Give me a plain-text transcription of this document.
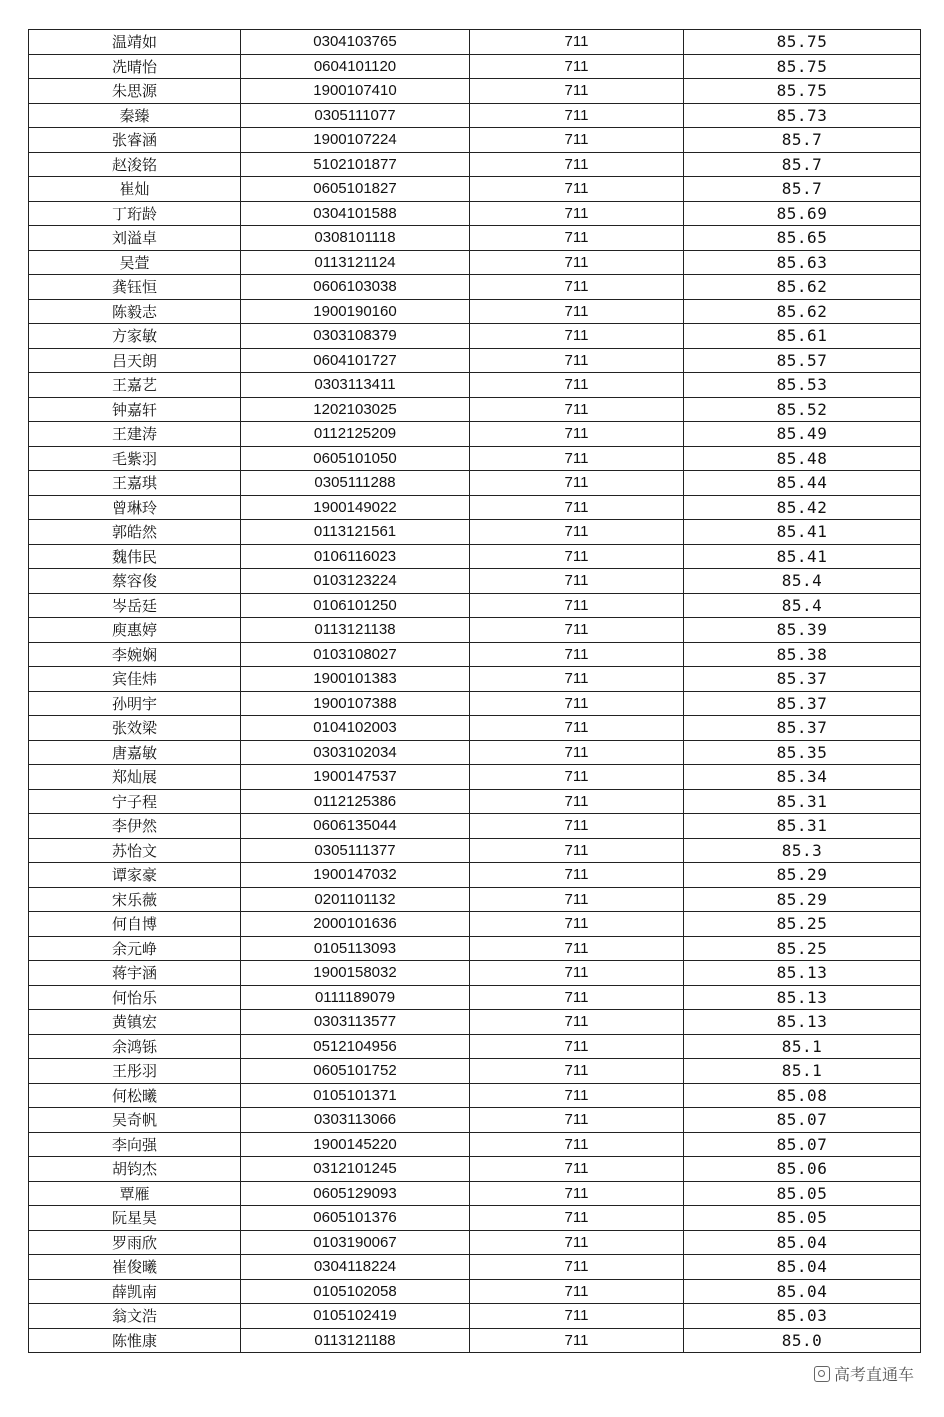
温靖如	0304103765	711	85.75
冼晴怡	0604101120	711	85.75
朱思源	1900107410	711	85.75
秦臻	0305111077	711	85.73
张睿涵	1900107224	711	85.7
赵浚铭	5102101877	711	85.7
崔灿	0605101827	711	85.7
丁珩龄	0304101588	711	85.69
刘溢卓	0308101118	711	85.65
吴萱	0113121124	711	85.63
龚钰恒	0606103038	711	85.62
陈毅志	1900190160	711	85.62
方家敏	0303108379	711	85.61
吕天朗	0604101727	711	85.57
王嘉艺	0303113411	711	85.53
钟嘉轩	1202103025	711	85.52
王建涛	0112125209	711	85.49
毛紫羽	0605101050	711	85.48
王嘉琪	0305111288	711	85.44
曾琳玲	1900149022	711	85.42
郭皓然	0113121561	711	85.41
魏伟民	0106116023	711	85.41
蔡容俊	0103123224	711	85.4
岑岳廷	0106101250	711	85.4
庾惠婷	0113121138	711	85.39
李婉娴	0103108027	711	85.38
宾佳炜	1900101383	711	85.37
孙明宇	1900107388	711	85.37
张效梁	0104102003	711	85.37
唐嘉敏	0303102034	711	85.35
郑灿展	1900147537	711	85.34
宁子程	0112125386	711	85.31
李伊然	0606135044	711	85.31
苏怡文	0305111377	711	85.3
谭家豪	1900147032	711	85.29
宋乐薇	0201101132	711	85.29
何自博	2000101636	711	85.25
余元峥	0105113093	711	85.25
蒋宇涵	1900158032	711	85.13
何怡乐	0111189079	711	85.13
黄镇宏	0303113577	711	85.13
余鸿铄	0512104956	711	85.1
王彤羽	0605101752	711	85.1
何松曦	0105101371	711	85.08
吴奇帆	0303113066	711	85.07
李向强	1900145220	711	85.07
胡钧杰	0312101245	711	85.06
覃雁	0605129093	711	85.05
阮星昊	0605101376	711	85.05
罗雨欣	0103190067	711	85.04
崔俊曦	0304118224	711	85.04
薛凯南	0105102058	711	85.04
翁文浩	0105102419	711	85.03
陈惟康	0113121188	711	85.0
高考直通车
